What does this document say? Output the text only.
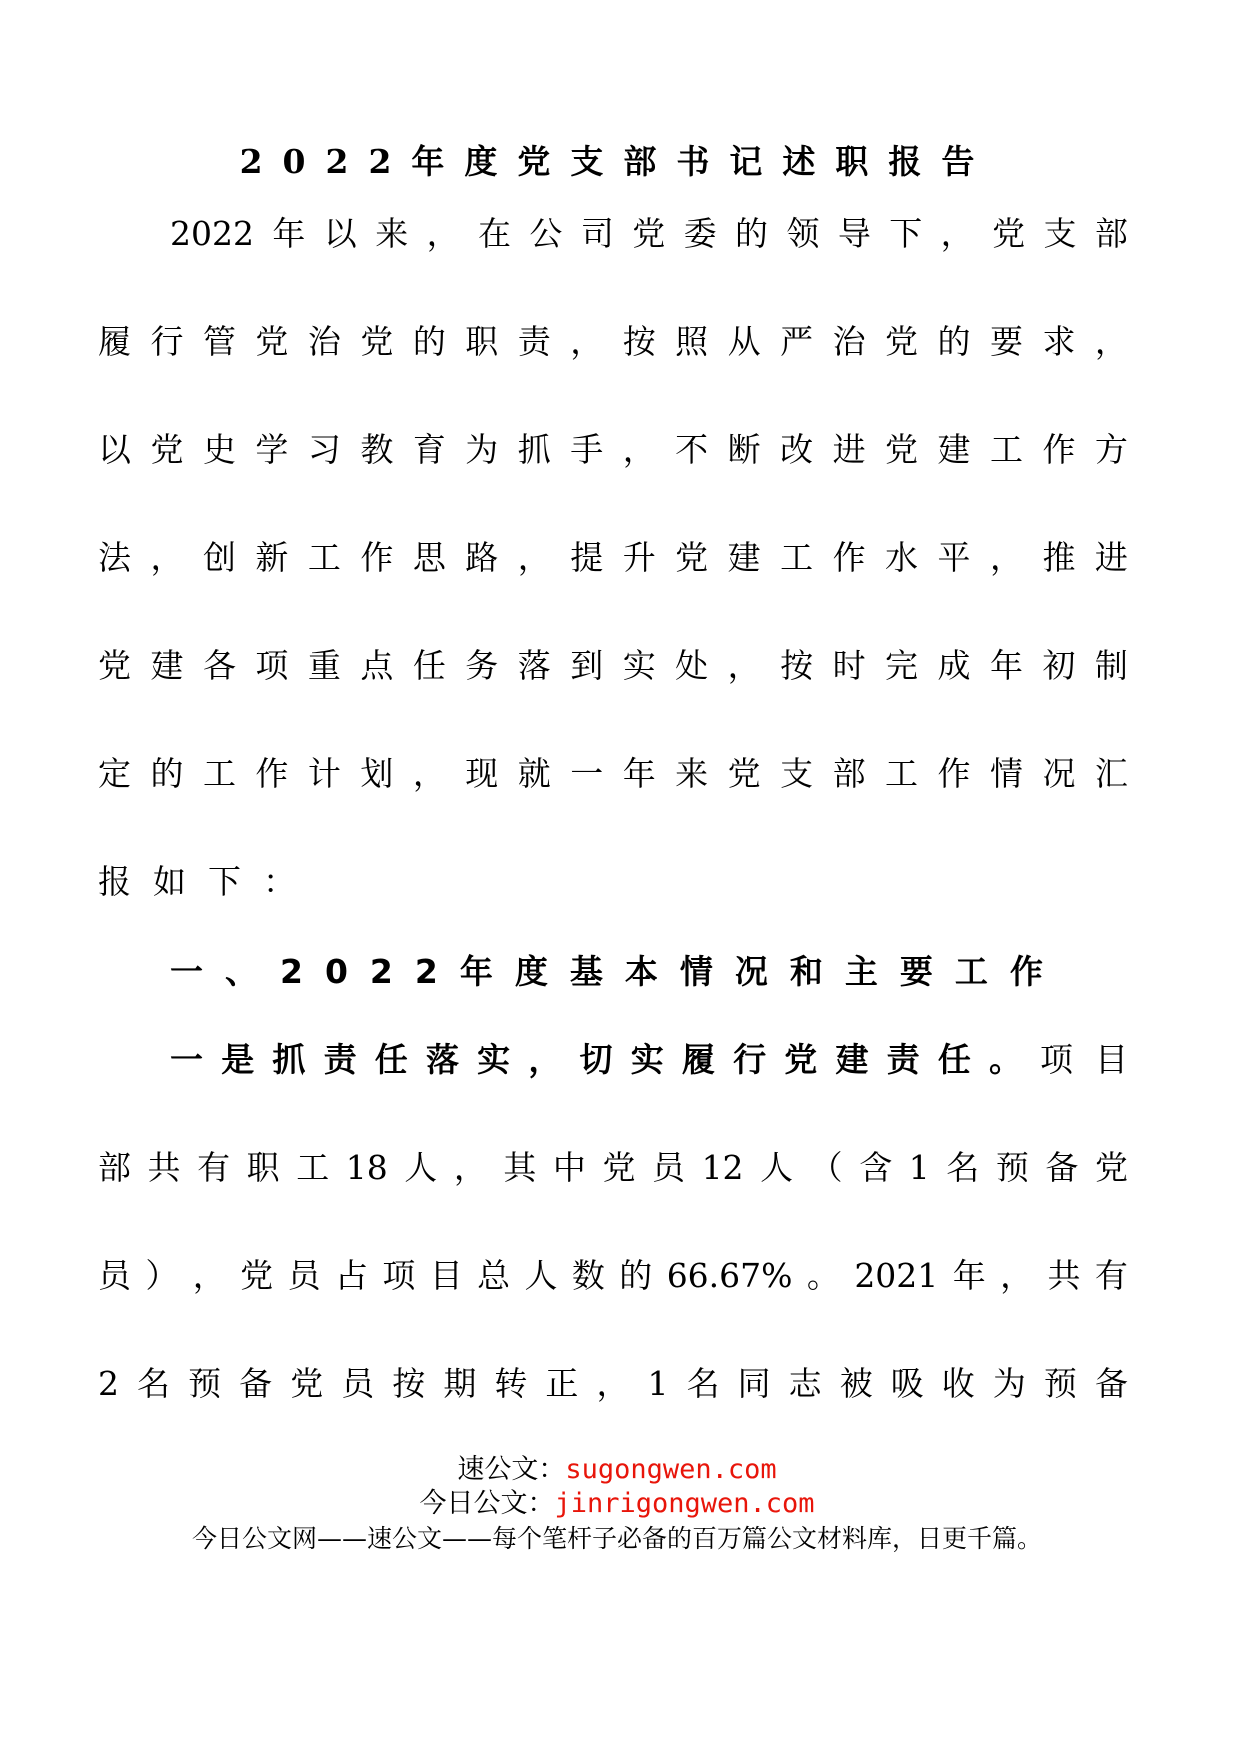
2022年度党支部书记述职报告
2022 年 以 来 ， 在 公 司 党 委 的 领 导 下 ， 党 支 部
履 行 管 党 治 党 的 职 责 ， 按 照 从 严 治 党 的 要 求 ，
以 党 史 学 习 教 育 为 抓 手 ， 不 断 改 进 党 建 工 作 方
法 ， 创 新 工 作 思 路 ， 提 升 党 建 工 作 水 平 ， 推 进
党 建 各 项 重 点 任 务 落 到 实 处 ， 按 时 完 成 年 初 制
定 的 工 作 计 划 ， 现 就 一 年 来 党 支 部 工 作 情 况 汇
报 如 下 ：
一、2022年度基本情况和主要工作
一 是 抓 责 任 落 实 ， 切 实 履 行 党 建 责 任 。 项 目
部 共 有 职 工 18 人 ， 其 中 党 员 12 人 （ 含 1 名 预 备 党
员 ） ， 党 员 占 项 目 总 人 数 的 66.67% 。 2021 年 ， 共 有
2 名 预 备 党 员 按 期 转 正 ， 1 名 同 志 被 吸 收 为 预 备
速公文：sugongwen.com
今日公文：jinrigongwen.com
今日公文网——速公文——每个笔杆子必备的百万篇公文材料库，日更千篇。
